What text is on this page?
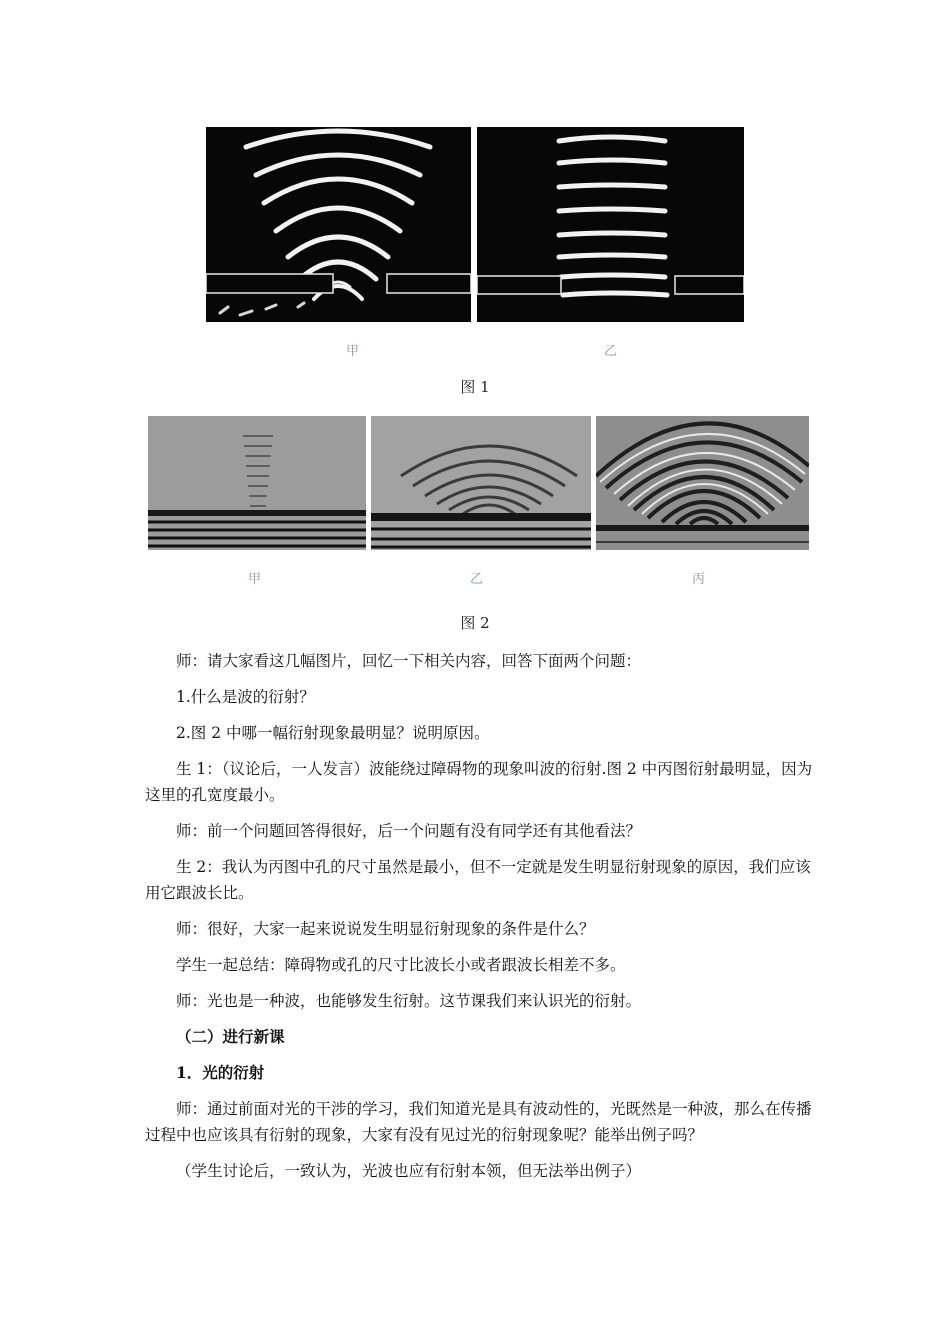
甲	乙
图 1
甲	乙	丙
图 2

师：请大家看这几幅图片，回忆一下相关内容，回答下面两个问题：

1.什么是波的衍射？

2.图 2 中哪一幅衍射现象最明显？说明原因。

生 1：（议论后，一人发言）波能绕过障碍物的现象叫波的衍射.图 2 中丙图衍射最明显，因为这里的孔宽度最小。

师：前一个问题回答得很好，后一个问题有没有同学还有其他看法？

生 2：我认为丙图中孔的尺寸虽然是最小，但不一定就是发生明显衍射现象的原因，我们应该用它跟波长比。

师：很好，大家一起来说说发生明显衍射现象的条件是什么？

学生一起总结：障碍物或孔的尺寸比波长小或者跟波长相差不多。

师：光也是一种波，也能够发生衍射。这节课我们来认识光的衍射。

（二）进行新课

1．光的衍射

师：通过前面对光的干涉的学习，我们知道光是具有波动性的，光既然是一种波，那么在传播过程中也应该具有衍射的现象，大家有没有见过光的衍射现象呢？能举出例子吗？

（学生讨论后，一致认为，光波也应有衍射本领，但无法举出例子）
